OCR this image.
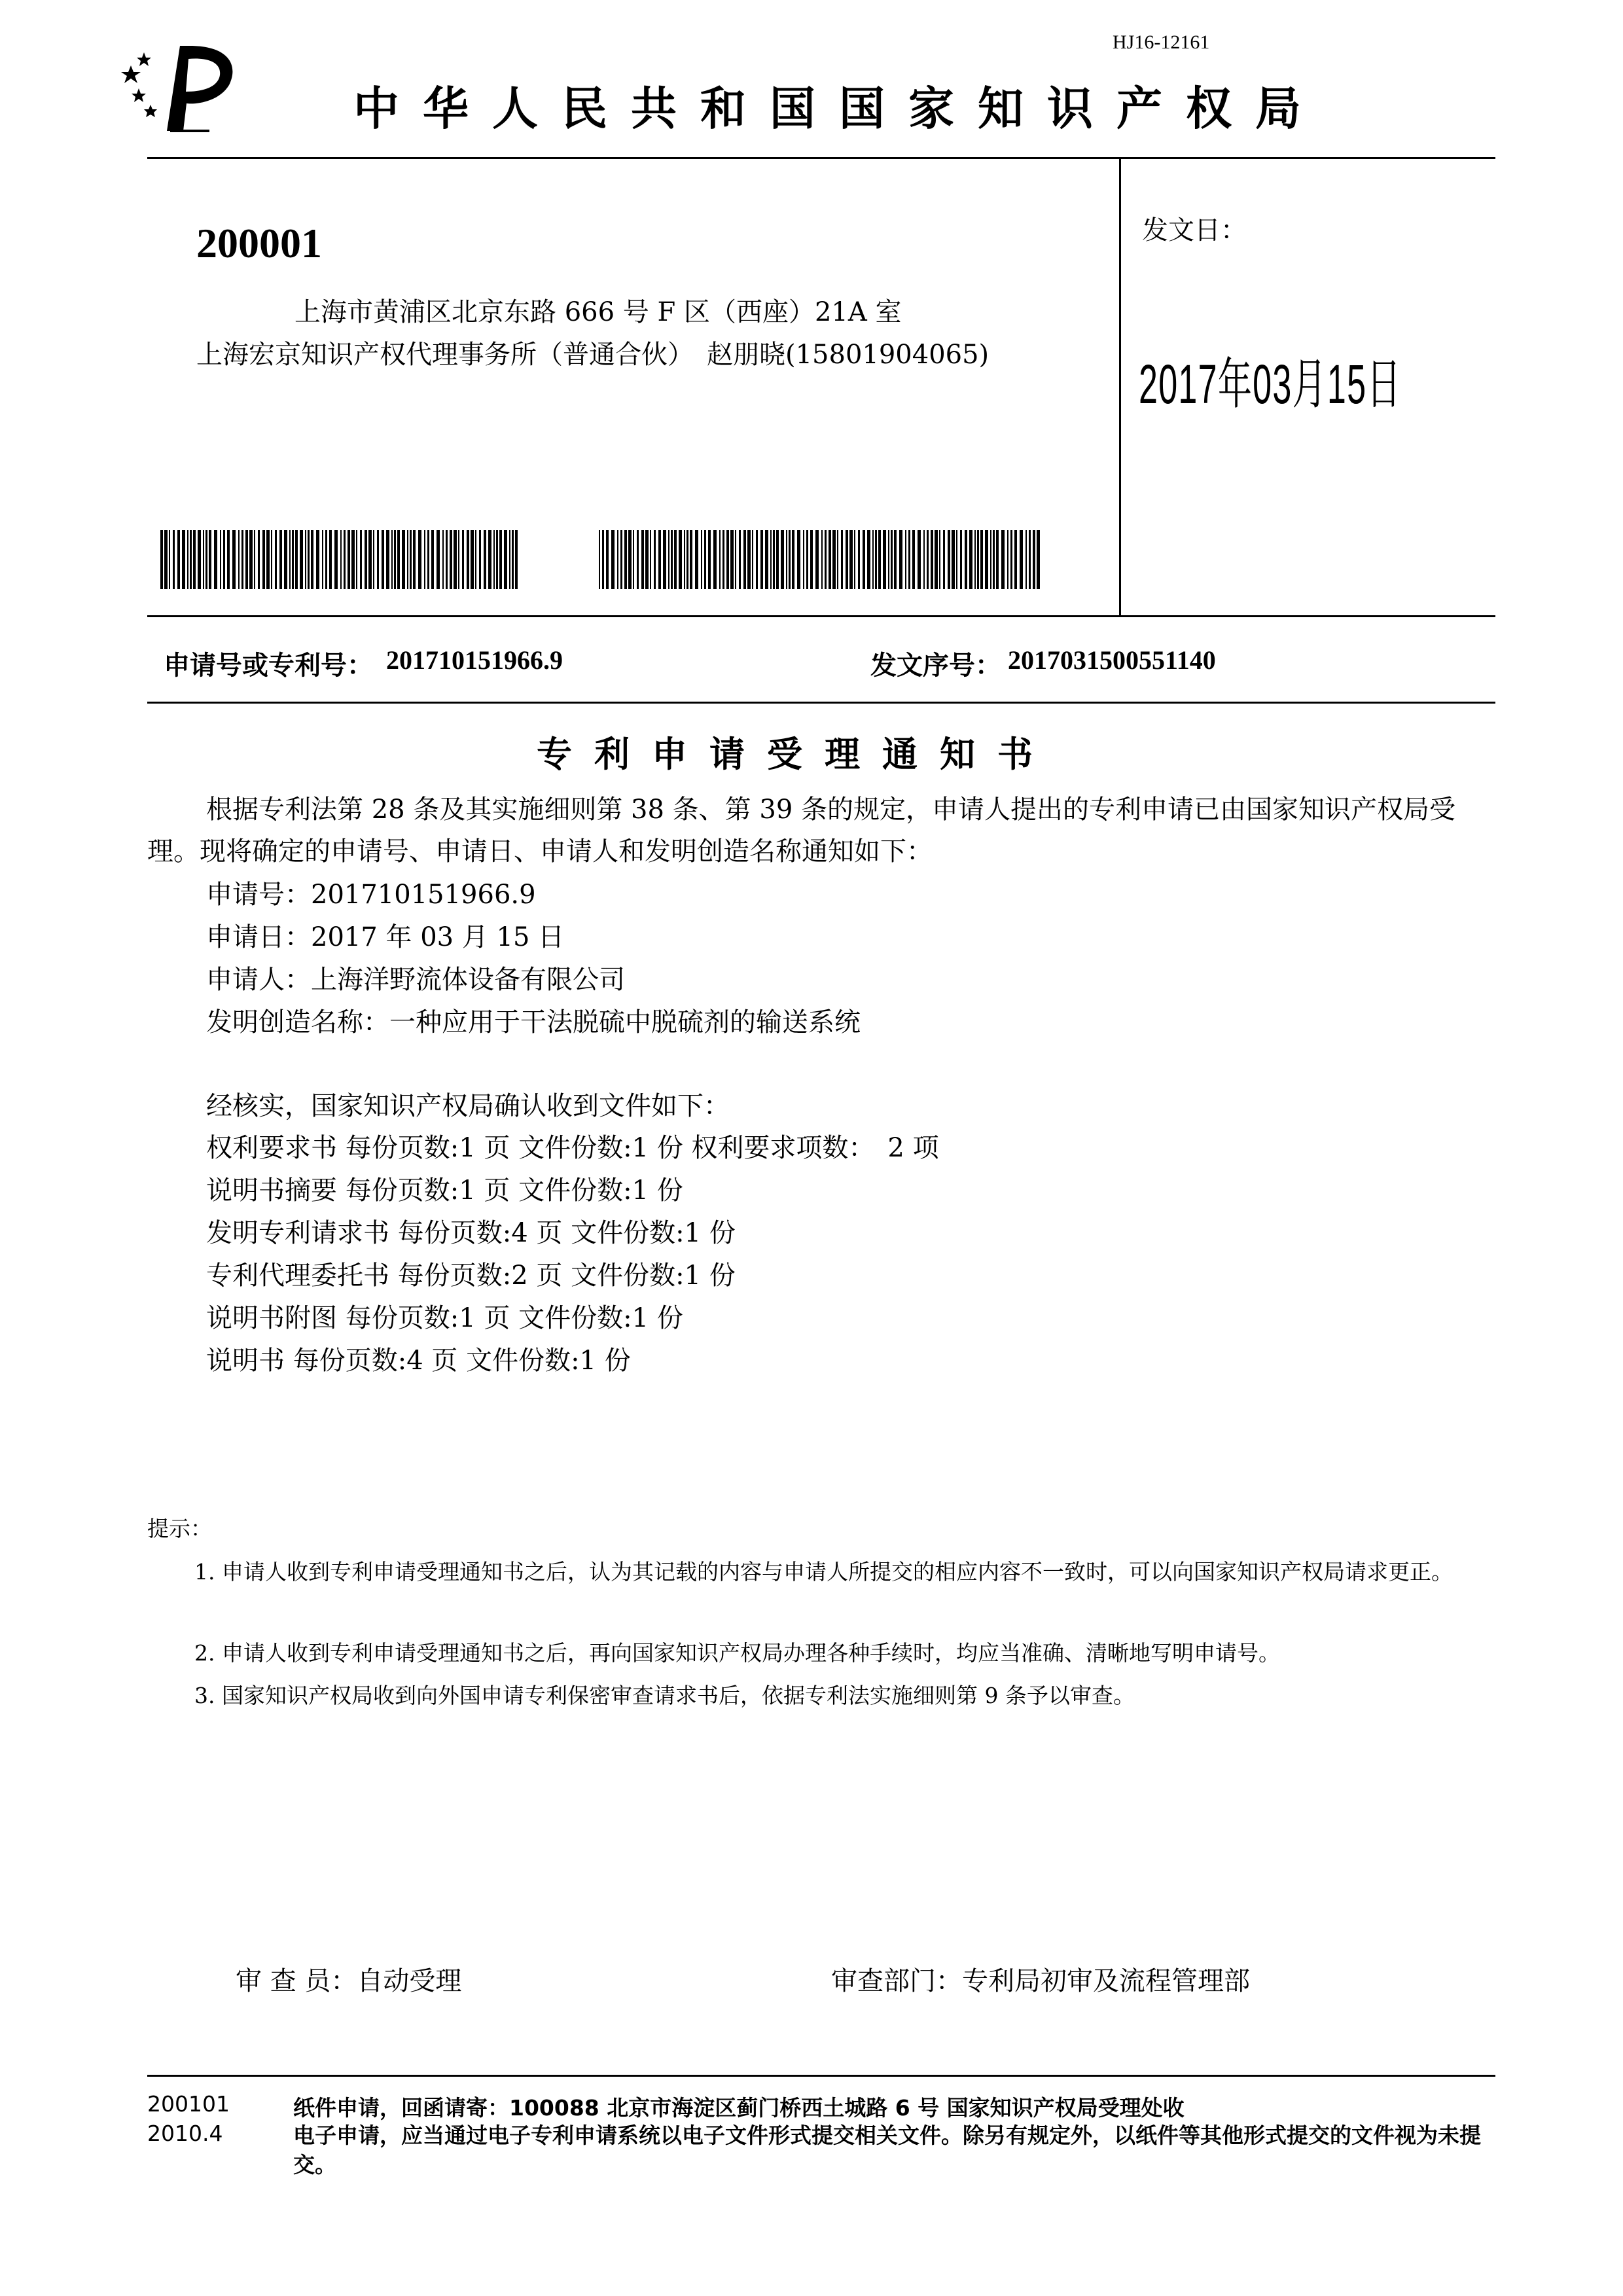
HJ16-12161
中华人民共和国国家知识产权局
200001
上海市黄浦区北京东路 666 号 F 区（西座）21A 室
上海宏京知识产权代理事务所（普通合伙）　赵朋晓(15801904065)
发文日：
2017年03月15日
申请号或专利号： 201710151966.9	发文序号： 2017031500551140
专利申请受理通知书
根据专利法第 28 条及其实施细则第 38 条、第 39 条的规定，申请人提出的专利申请已由国家知识产权局受理。现将确定的申请号、申请日、申请人和发明创造名称通知如下：
申请号：201710151966.9
申请日：2017 年 03 月 15 日
申请人：上海洋野流体设备有限公司
发明创造名称：一种应用于干法脱硫中脱硫剂的输送系统
经核实，国家知识产权局确认收到文件如下：
权利要求书 每份页数:1 页 文件份数:1 份 权利要求项数：　2 项
说明书摘要 每份页数:1 页 文件份数:1 份
发明专利请求书 每份页数:4 页 文件份数:1 份
专利代理委托书 每份页数:2 页 文件份数:1 份
说明书附图 每份页数:1 页 文件份数:1 份
说明书 每份页数:4 页 文件份数:1 份
提示：
1. 申请人收到专利申请受理通知书之后，认为其记载的内容与申请人所提交的相应内容不一致时，可以向国家知识产权局请求更正。
2. 申请人收到专利申请受理通知书之后，再向国家知识产权局办理各种手续时，均应当准确、清晰地写明申请号。
3. 国家知识产权局收到向外国申请专利保密审查请求书后，依据专利法实施细则第 9 条予以审查。
审 查 员：自动受理	审查部门：专利局初审及流程管理部
200101
2010.4
纸件申请，回函请寄：100088 北京市海淀区蓟门桥西土城路 6 号 国家知识产权局受理处收
电子申请，应当通过电子专利申请系统以电子文件形式提交相关文件。除另有规定外，以纸件等其他形式提交的文件视为未提交。
